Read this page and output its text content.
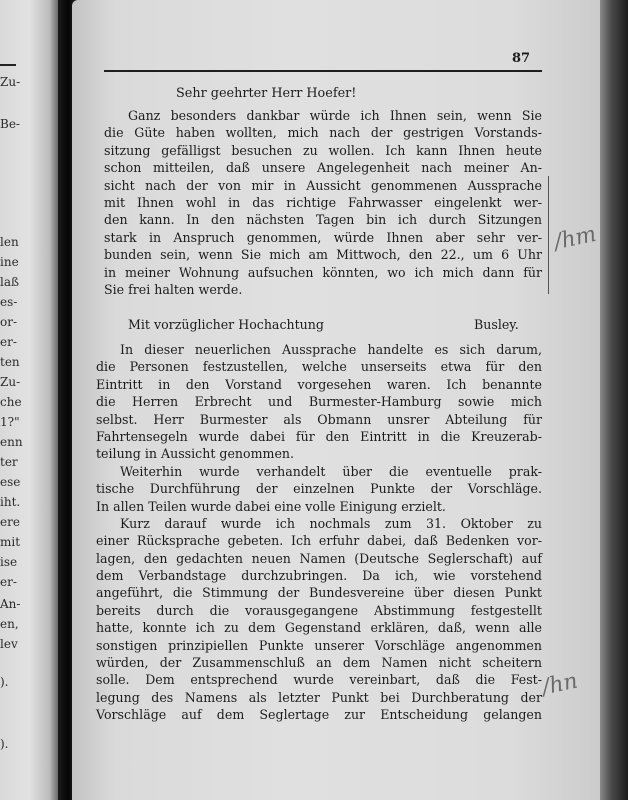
Zu-
Be-
len
ine
laß
es-
or-
er-
ten
Zu-
che
1?"
enn
ter
ese
iht.
ere
mit
ise
er-
An-
en,
lev
).
).
87
Sehr geehrter Herr Hoefer!
Ganz besonders dankbar würde ich Ihnen sein, wenn Sie
die Güte haben wollten, mich nach der gestrigen Vorstands-
sitzung gefälligst besuchen zu wollen. Ich kann Ihnen heute
schon mitteilen, daß unsere Angelegenheit nach meiner An-
sicht nach der von mir in Aussicht genommenen Aussprache
mit Ihnen wohl in das richtige Fahrwasser eingelenkt wer-
den kann. In den nächsten Tagen bin ich durch Sitzungen
stark in Anspruch genommen, würde Ihnen aber sehr ver-
bunden sein, wenn Sie mich am Mittwoch, den 22., um 6 Uhr
in meiner Wohnung aufsuchen könnten, wo ich mich dann für
Sie frei halten werde.
Mit vorzüglicher Hochachtung	Busley.
In dieser neuerlichen Aussprache handelte es sich darum,
die Personen festzustellen, welche unserseits etwa für den
Eintritt in den Vorstand vorgesehen waren. Ich benannte
die Herren Erbrecht und Burmester-Hamburg sowie mich
selbst. Herr Burmester als Obmann unsrer Abteilung für
Fahrtensegeln wurde dabei für den Eintritt in die Kreuzerab-
teilung in Aussicht genommen.
Weiterhin wurde verhandelt über die eventuelle prak-
tische Durchführung der einzelnen Punkte der Vorschläge.
In allen Teilen wurde dabei eine volle Einigung erzielt.
Kurz darauf wurde ich nochmals zum 31. Oktober zu
einer Rücksprache gebeten. Ich erfuhr dabei, daß Bedenken vor-
lagen, den gedachten neuen Namen (Deutsche Seglerschaft) auf
dem Verbandstage durchzubringen. Da ich, wie vorstehend
angeführt, die Stimmung der Bundesvereine über diesen Punkt
bereits durch die vorausgegangene Abstimmung festgestellt
hatte, konnte ich zu dem Gegenstand erklären, daß, wenn alle
sonstigen prinzipiellen Punkte unserer Vorschläge angenommen
würden, der Zusammenschluß an dem Namen nicht scheitern
solle. Dem entsprechend wurde vereinbart, daß die Fest-
legung des Namens als letzter Punkt bei Durchberatung der
Vorschläge auf dem Seglertage zur Entscheidung gelangen
/hm
/hn
